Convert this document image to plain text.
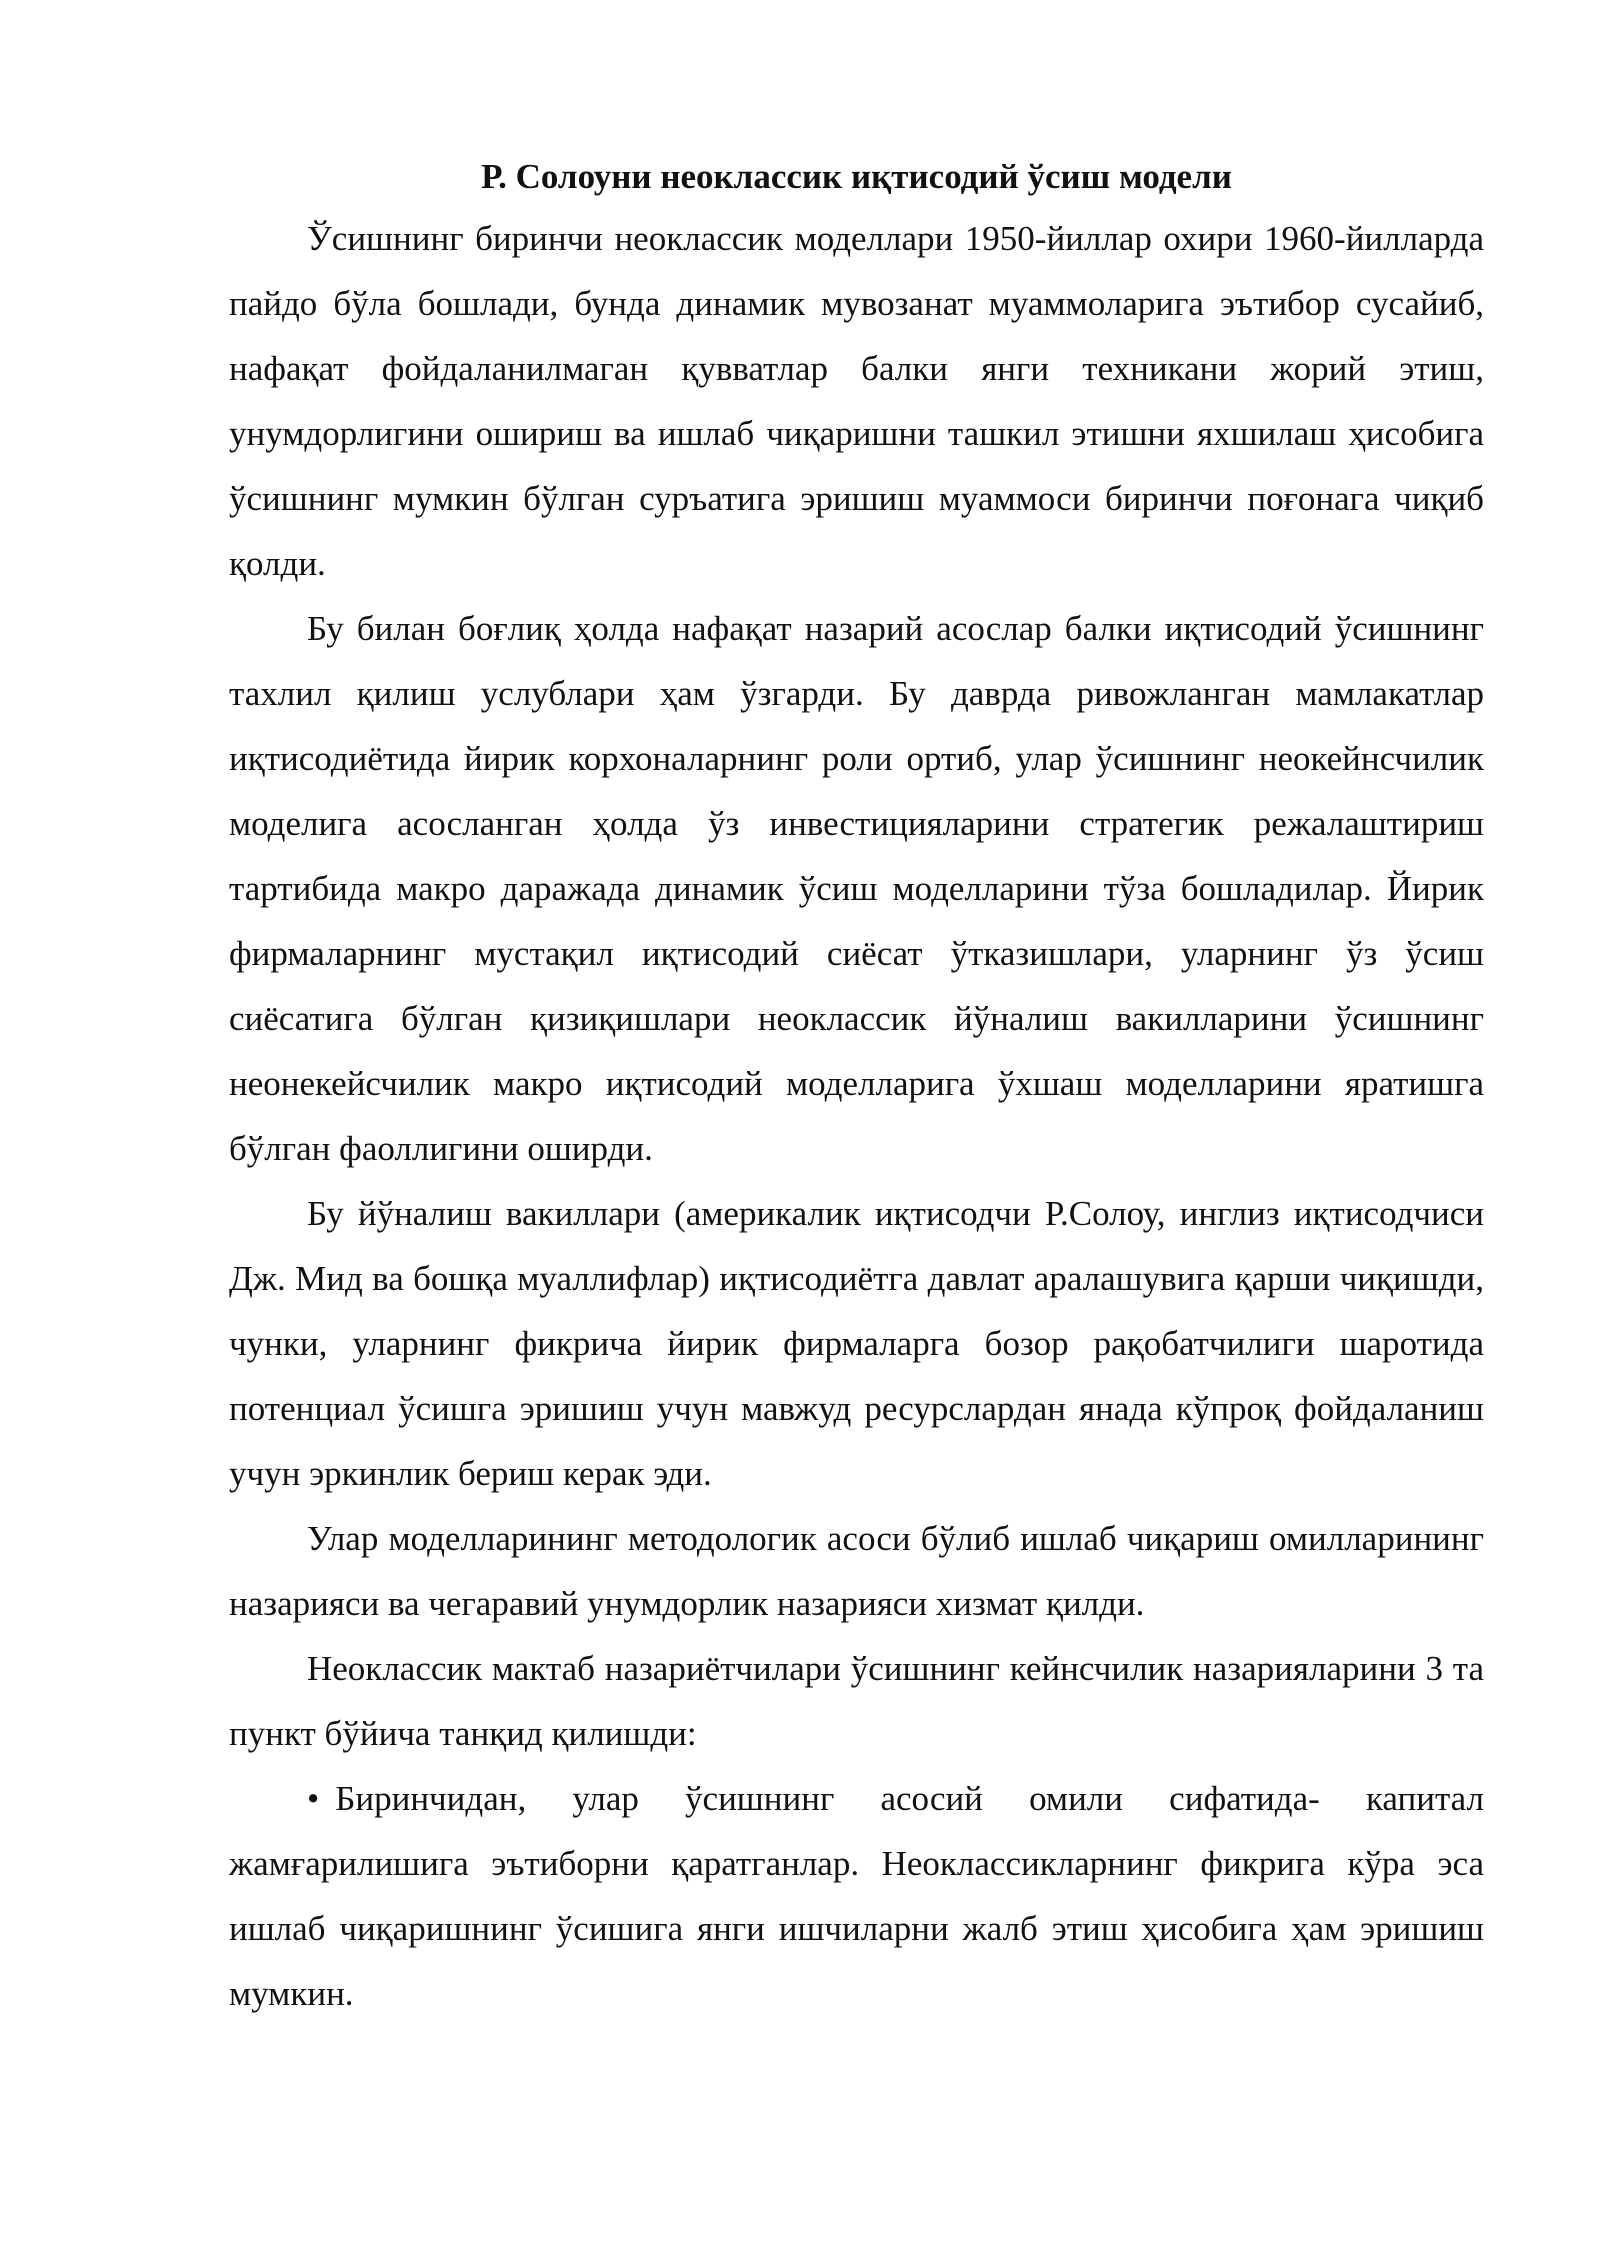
Р. Солоуни неоклассик иқтисодий ўсиш модели

Ўсишнинг биринчи неоклассик моделлари 1950-йиллар охири 1960-йилларда пайдо бўла бошлади, бунда динамик мувозанат муаммоларига эътибор сусайиб, нафақат фойдаланилмаган қувватлар балки янги техникани жорий этиш, унумдорлигини ошириш ва ишлаб чиқаришни ташкил этишни яхшилаш ҳисобига ўсишнинг мумкин бўлган суръатига эришиш муаммоси биринчи поғонага чиқиб қолди.

Бу билан боғлиқ ҳолда нафақат назарий асослар балки иқтисодий ўсишнинг тахлил қилиш услублари ҳам ўзгарди. Бу даврда ривожланган мамлакатлар иқтисодиётида йирик корхоналарнинг роли ортиб, улар ўсишнинг неокейнсчилик моделига асосланган ҳолда ўз инвестицияларини стратегик режалаштириш тартибида макро даражада динамик ўсиш моделларини тўза бошладилар. Йирик фирмаларнинг мустақил иқтисодий сиёсат ўтказишлари, уларнинг ўз ўсиш сиёсатига бўлган қизиқишлари неоклассик йўналиш вакилларини ўсишнинг неонекейсчилик макро иқтисодий моделларига ўхшаш моделларини яратишга бўлган фаоллигини оширди.

Бу йўналиш вакиллари (америкалик иқтисодчи Р.Солоу, инглиз иқтисодчиси Дж. Мид ва бошқа муаллифлар) иқтисодиётга давлат аралашувига қарши чиқишди, чунки, уларнинг фикрича йирик фирмаларга бозор рақобатчилиги шаротида потенциал ўсишга эришиш учун мавжуд ресурслардан янада кўпроқ фойдаланиш учун эркинлик бериш керак эди.

Улар моделларининг методологик асоси бўлиб ишлаб чиқариш омилларининг назарияси ва чегаравий унумдорлик назарияси хизмат қилди.

Неоклассик мактаб назариётчилари ўсишнинг кейнсчилик назарияларини 3 та пункт бўйича танқид қилишди:

• Биринчидан, улар ўсишнинг асосий омили сифатида- капитал жамғарилишига эътиборни қаратганлар. Неоклассикларнинг фикрига кўра эса ишлаб чиқаришнинг ўсишига янги ишчиларни жалб этиш ҳисобига ҳам эришиш мумкин.
